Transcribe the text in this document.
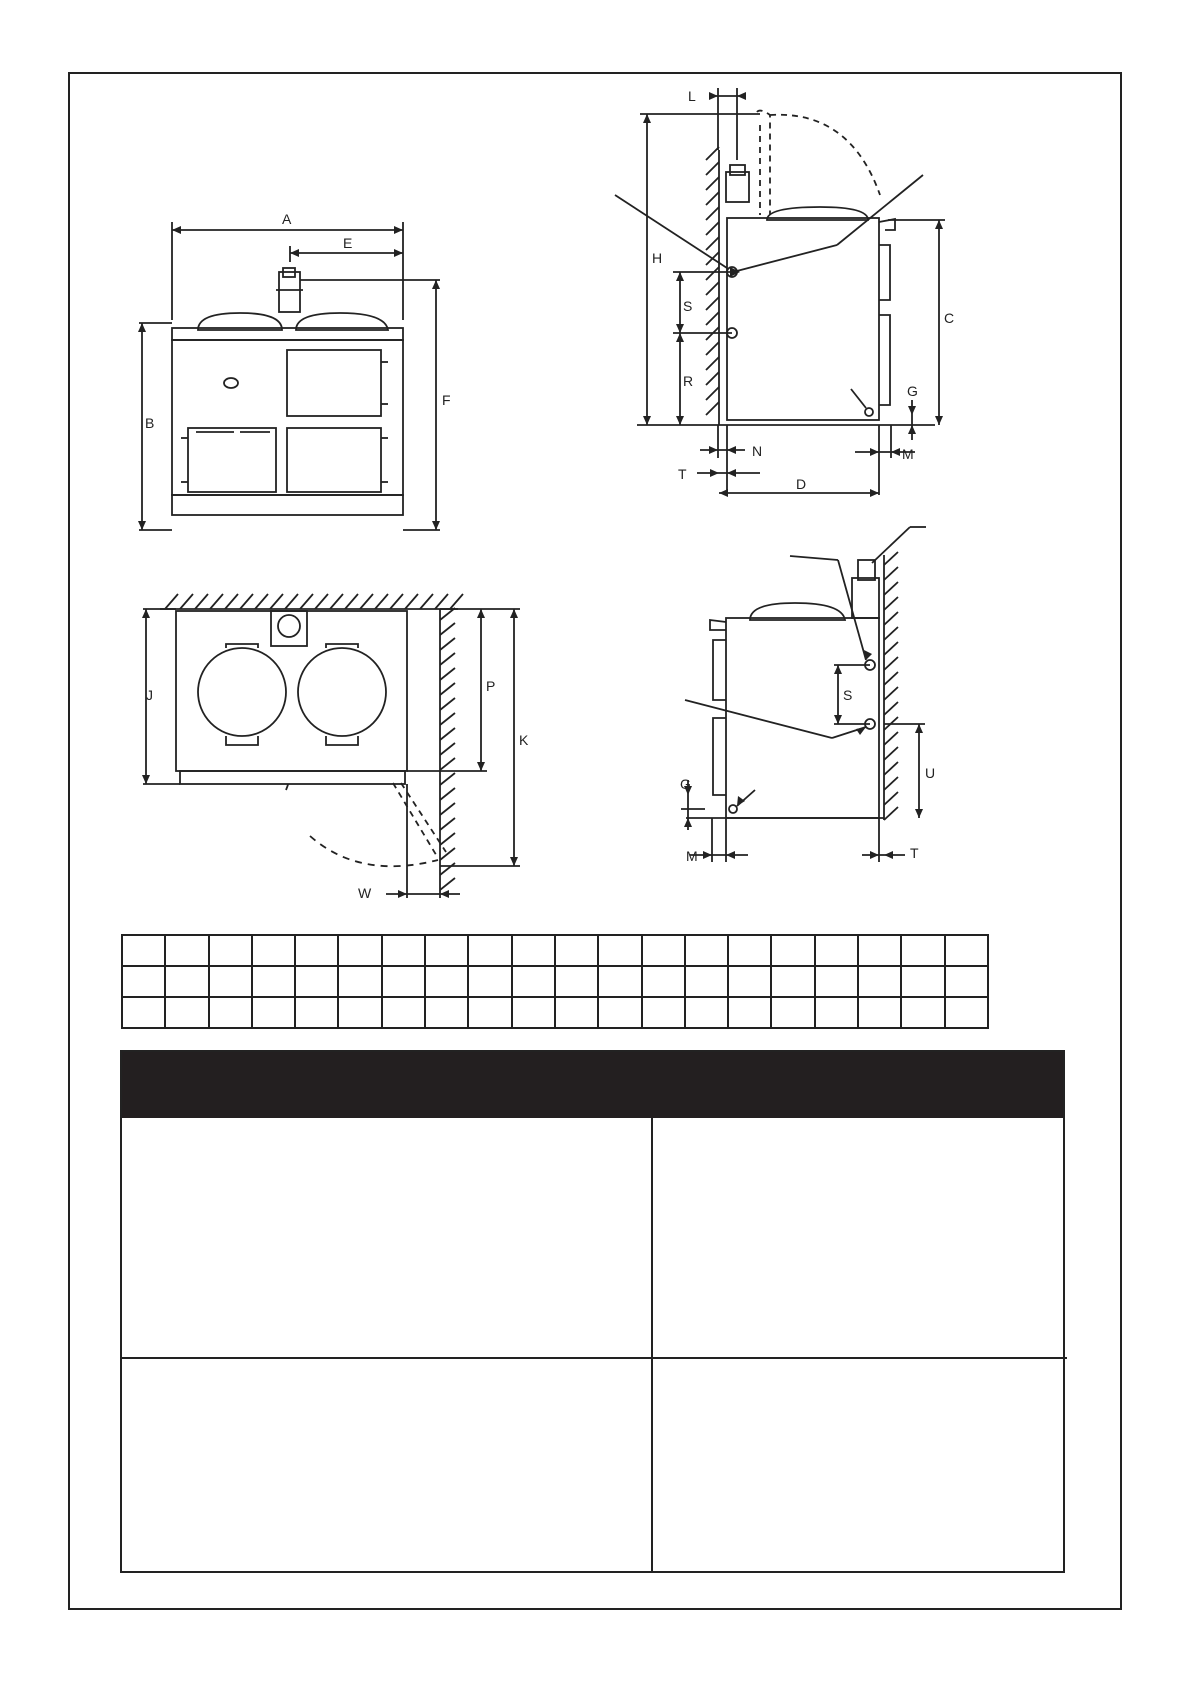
A
E
B
F
L
H
S
R
C
G
N	M
T
D
J
P
K
W
S
U
G
M	T
